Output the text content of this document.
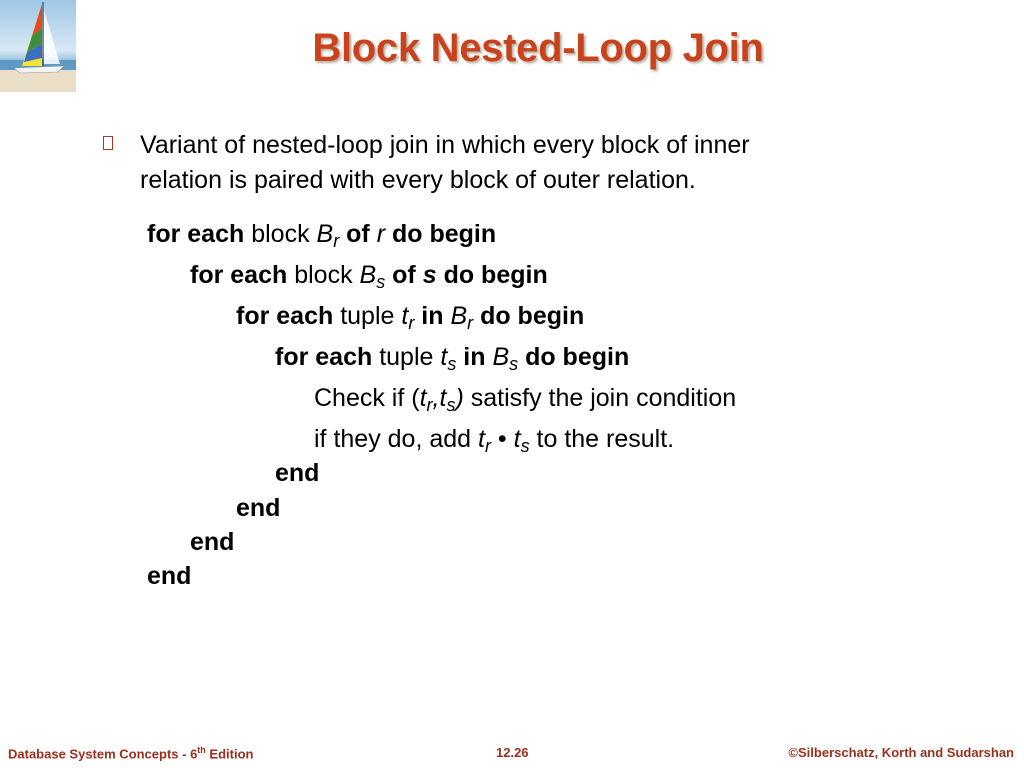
Block Nested-Loop Join
Variant of nested-loop join in which every block of inner
relation is paired with every block of outer relation.
for each block $B_r$ of r do begin
for each block $B_s$ of s do begin
for each tuple $t_r$ in $B_r$ do begin
for each tuple $t_s$ in $B_s$ do begin
Check if $(t_r,t_s)$ satisfy the join condition
if they do, add $t_r$ • $t_s$ to the result.
end
end
end
end
Database System Concepts - 6th Edition	12.26	©Silberschatz, Korth and Sudarshan
